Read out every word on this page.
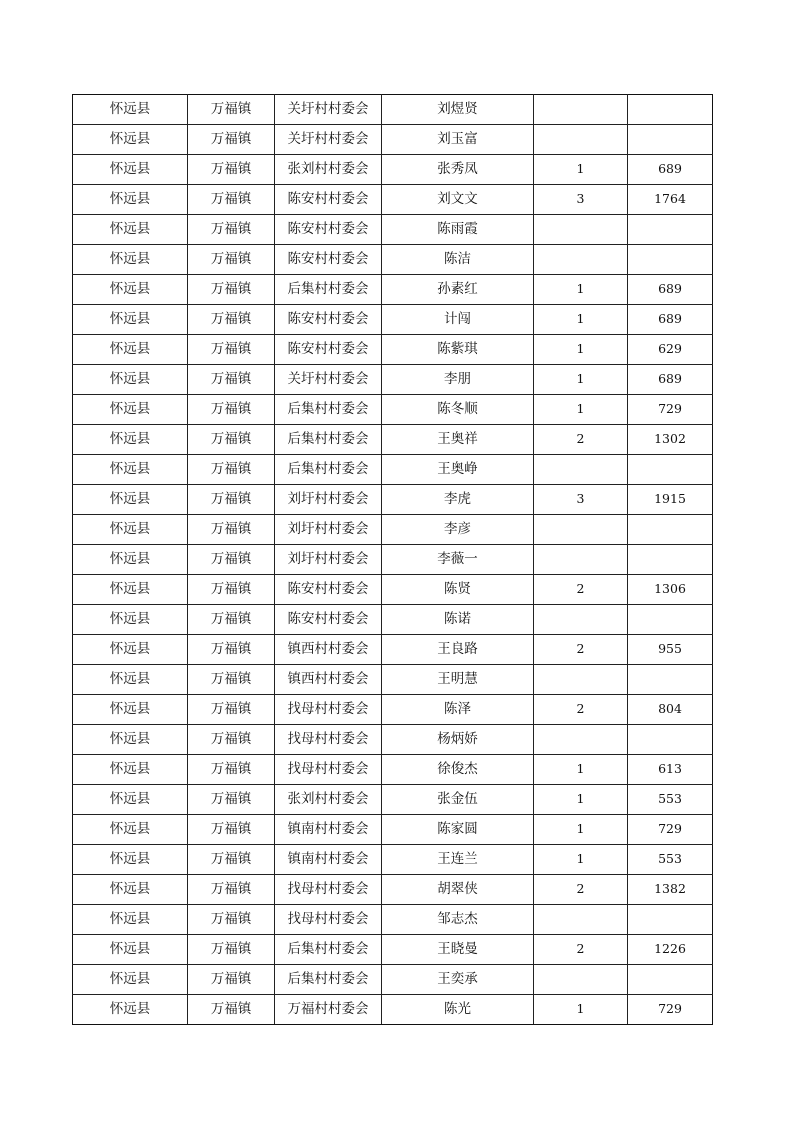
怀远县	万福镇	关圩村村委会	刘煜贤		
怀远县	万福镇	关圩村村委会	刘玉富		
怀远县	万福镇	张刘村村委会	张秀凤	1	689
怀远县	万福镇	陈安村村委会	刘文文	3	1764
怀远县	万福镇	陈安村村委会	陈雨霞		
怀远县	万福镇	陈安村村委会	陈洁		
怀远县	万福镇	后集村村委会	孙素红	1	689
怀远县	万福镇	陈安村村委会	计闯	1	689
怀远县	万福镇	陈安村村委会	陈紫琪	1	629
怀远县	万福镇	关圩村村委会	李朋	1	689
怀远县	万福镇	后集村村委会	陈冬顺	1	729
怀远县	万福镇	后集村村委会	王奥祥	2	1302
怀远县	万福镇	后集村村委会	王奥峥		
怀远县	万福镇	刘圩村村委会	李虎	3	1915
怀远县	万福镇	刘圩村村委会	李彦		
怀远县	万福镇	刘圩村村委会	李薇一		
怀远县	万福镇	陈安村村委会	陈贤	2	1306
怀远县	万福镇	陈安村村委会	陈诺		
怀远县	万福镇	镇西村村委会	王良路	2	955
怀远县	万福镇	镇西村村委会	王明慧		
怀远县	万福镇	找母村村委会	陈泽	2	804
怀远县	万福镇	找母村村委会	杨炳娇		
怀远县	万福镇	找母村村委会	徐俊杰	1	613
怀远县	万福镇	张刘村村委会	张金伍	1	553
怀远县	万福镇	镇南村村委会	陈家圆	1	729
怀远县	万福镇	镇南村村委会	王连兰	1	553
怀远县	万福镇	找母村村委会	胡翠侠	2	1382
怀远县	万福镇	找母村村委会	邹志杰		
怀远县	万福镇	后集村村委会	王晓曼	2	1226
怀远县	万福镇	后集村村委会	王奕承		
怀远县	万福镇	万福村村委会	陈光	1	729
